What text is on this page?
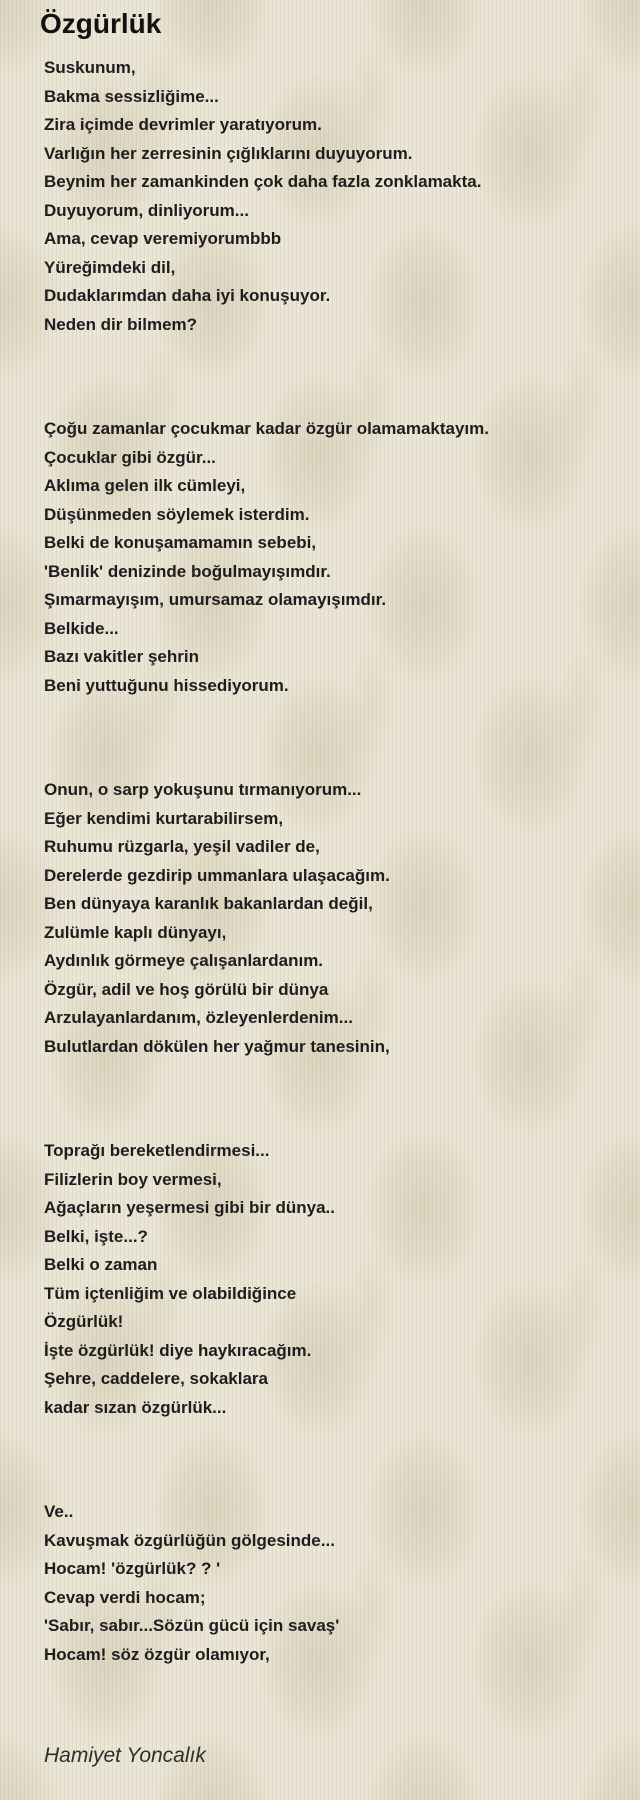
Özgürlük

Suskunum,
Bakma sessizliğime...
Zira içimde devrimler yaratıyorum.
Varlığın her zerresinin çığlıklarını duyuyorum.
Beynim her zamankinden çok daha fazla zonklamakta.
Duyuyorum, dinliyorum...
Ama, cevap veremiyorumbbb
Yüreğimdeki dil,
Dudaklarımdan daha iyi konuşuyor.
Neden dir bilmem?

Çoğu zamanlar çocukmar kadar özgür olamamaktayım.
Çocuklar gibi özgür...
Aklıma gelen ilk cümleyi,
Düşünmeden söylemek isterdim.
Belki de konuşamamamın sebebi,
'Benlik' denizinde boğulmayışımdır.
Şımarmayışım, umursamaz olamayışımdır.
Belkide...
Bazı vakitler şehrin
Beni yuttuğunu hissediyorum.

Onun, o sarp yokuşunu tırmanıyorum...
Eğer kendimi kurtarabilirsem,
Ruhumu rüzgarla, yeşil vadiler de,
Derelerde gezdirip ummanlara ulaşacağım.
Ben dünyaya karanlık bakanlardan değil,
Zulümle kaplı dünyayı,
Aydınlık görmeye çalışanlardanım.
Özgür, adil ve hoş görülü bir dünya
Arzulayanlardanım, özleyenlerdenim...
Bulutlardan dökülen her yağmur tanesinin,

Toprağı bereketlendirmesi...
Filizlerin boy vermesi,
Ağaçların yeşermesi gibi bir dünya..
Belki, işte...?
Belki o zaman
Tüm içtenliğim ve olabildiğince
Özgürlük!
İşte özgürlük! diye haykıracağım.
Şehre, caddelere, sokaklara
kadar sızan özgürlük...

Ve..
Kavuşmak özgürlüğün gölgesinde...
Hocam! 'özgürlük? ? '
Cevap verdi hocam;
'Sabır, sabır...Sözün gücü için savaş'
Hocam! söz özgür olamıyor,

Hamiyet Yoncalık
